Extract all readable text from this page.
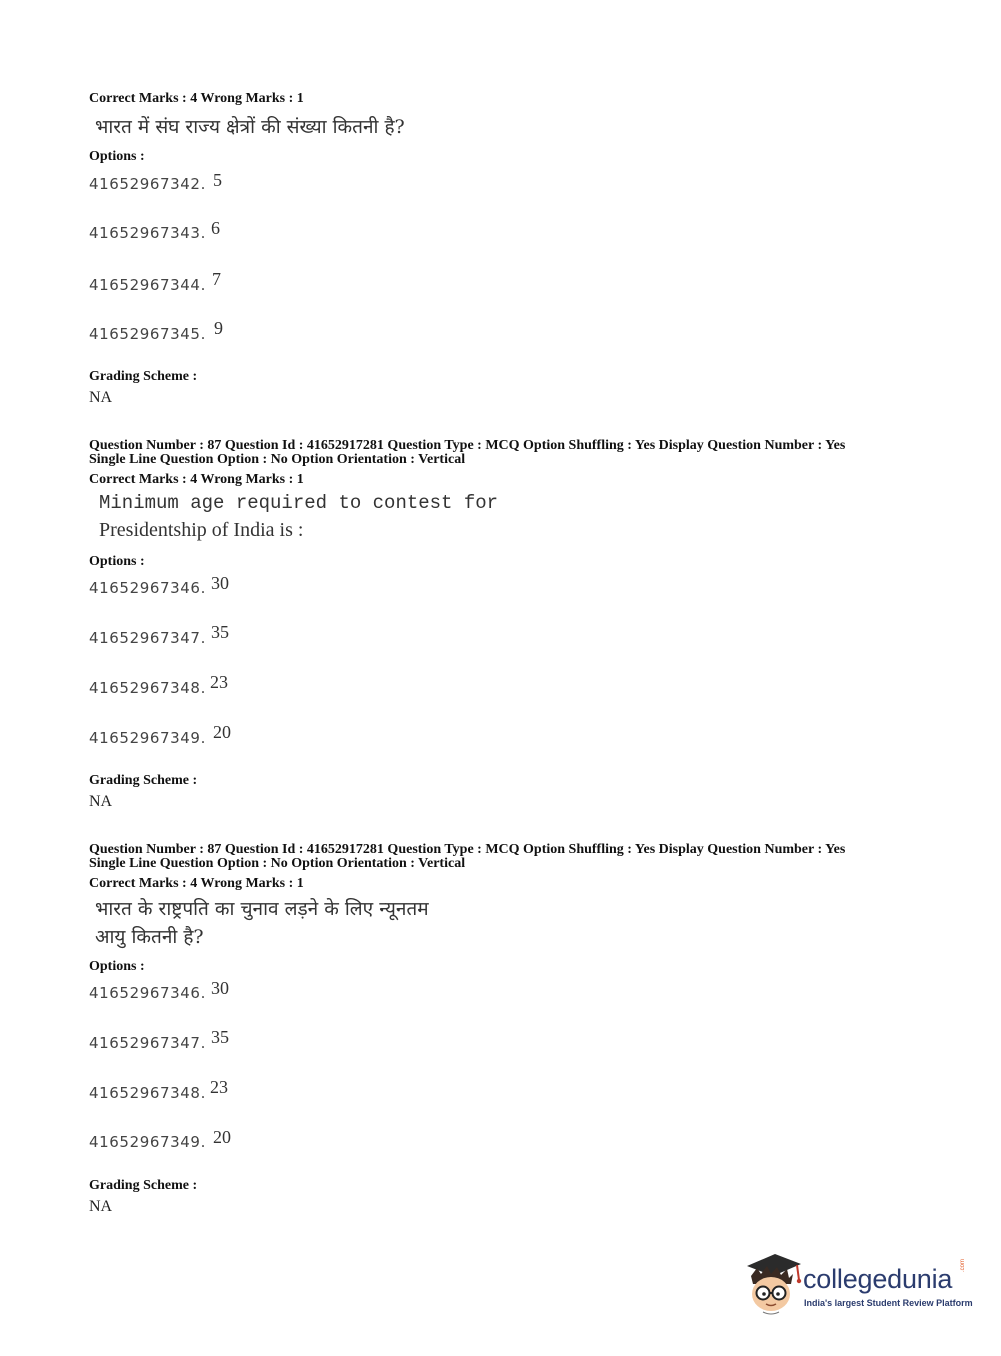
Correct Marks : 4 Wrong Marks : 1
भारत में संघ राज्य क्षेत्रों की संख्या कितनी है?
Options :
41652967342. 5
41652967343. 6
41652967344. 7
41652967345. 9
Grading Scheme :
NA
Question Number : 87 Question Id : 41652917281 Question Type : MCQ Option Shuffling : Yes Display Question Number : Yes
Single Line Question Option : No Option Orientation : Vertical
Correct Marks : 4 Wrong Marks : 1
Minimum age required to contest for
Presidentship of India is :
Options :
41652967346. 30
41652967347. 35
41652967348. 23
41652967349. 20
Grading Scheme :
NA
Question Number : 87 Question Id : 41652917281 Question Type : MCQ Option Shuffling : Yes Display Question Number : Yes
Single Line Question Option : No Option Orientation : Vertical
Correct Marks : 4 Wrong Marks : 1
भारत के राष्ट्रपति का चुनाव लड़ने के लिए न्यूनतम
आयु कितनी है?
Options :
41652967346. 30
41652967347. 35
41652967348. 23
41652967349. 20
Grading Scheme :
NA
collegedunia .com
India's largest Student Review Platform
